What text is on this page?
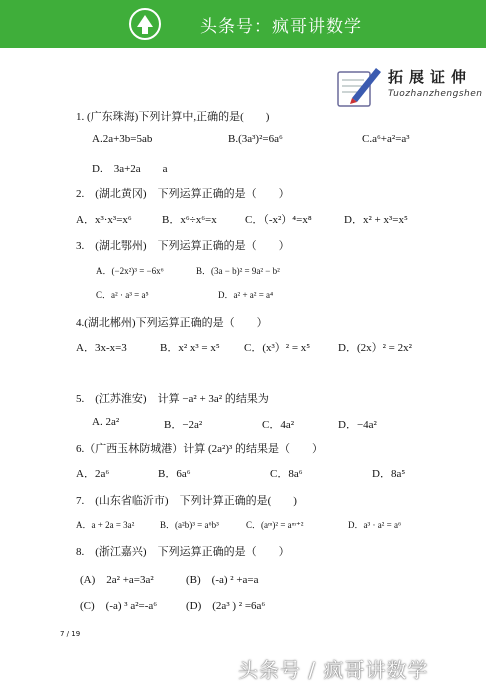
头条号：疯哥讲数学
拓展证伸
Tuozhanzhengshen
1. (广东珠海)下列计算中,正确的是(　　)
A.2a+3b=5ab	B.(3a³)²=6a⁶	C.a⁶+a²=a³
D.　3a+2a　　a
2.　(湖北黄冈)　下列运算正确的是（　　）
A．x³·x³=x⁶	B．x⁶÷x⁶=x	C．（-x²）⁴=x⁸	D．x² + x³=x⁵
3.　(湖北鄂州)　下列运算正确的是（　　）
A．(−2x²)³ = −6x⁶	B．(3a − b)² = 9a² − b²
C．a² · a³ = a⁵	D．a² + a² = a⁴
4.(湖北郴州)下列运算正确的是（　　）
A．3x-x=3	B．x² x³ = x⁵ C．(x³）² = x⁵	D．(2x）² = 2x²
5.　(江苏淮安)　计算 −a² + 3a² 的结果为
A. 2a²	B．−2a²	C．4a²	D．−4a²
6.（广西玉林防城港）计算 (2a²)³ 的结果是（　　）
A．2a⁶	B．6a⁶	C．8a⁶	D．8a⁵
7.　(山东省临沂市)　下列计算正确的是(　　)
A．a + 2a = 3a²	B．(a²b)³ = a⁶b³	C．(aᵐ)² = aᵐ⁺²	D．a³ · a² = a⁶
8.　(浙江嘉兴)　下列运算正确的是（　　）
(A)　2a² +a=3a²	(B)　(-a) ² +a=a
(C)　(-a) ³ a²=-a⁶	(D)　(2a³ ) ² =6a⁶
7 / 19
头条号 / 疯哥讲数学
